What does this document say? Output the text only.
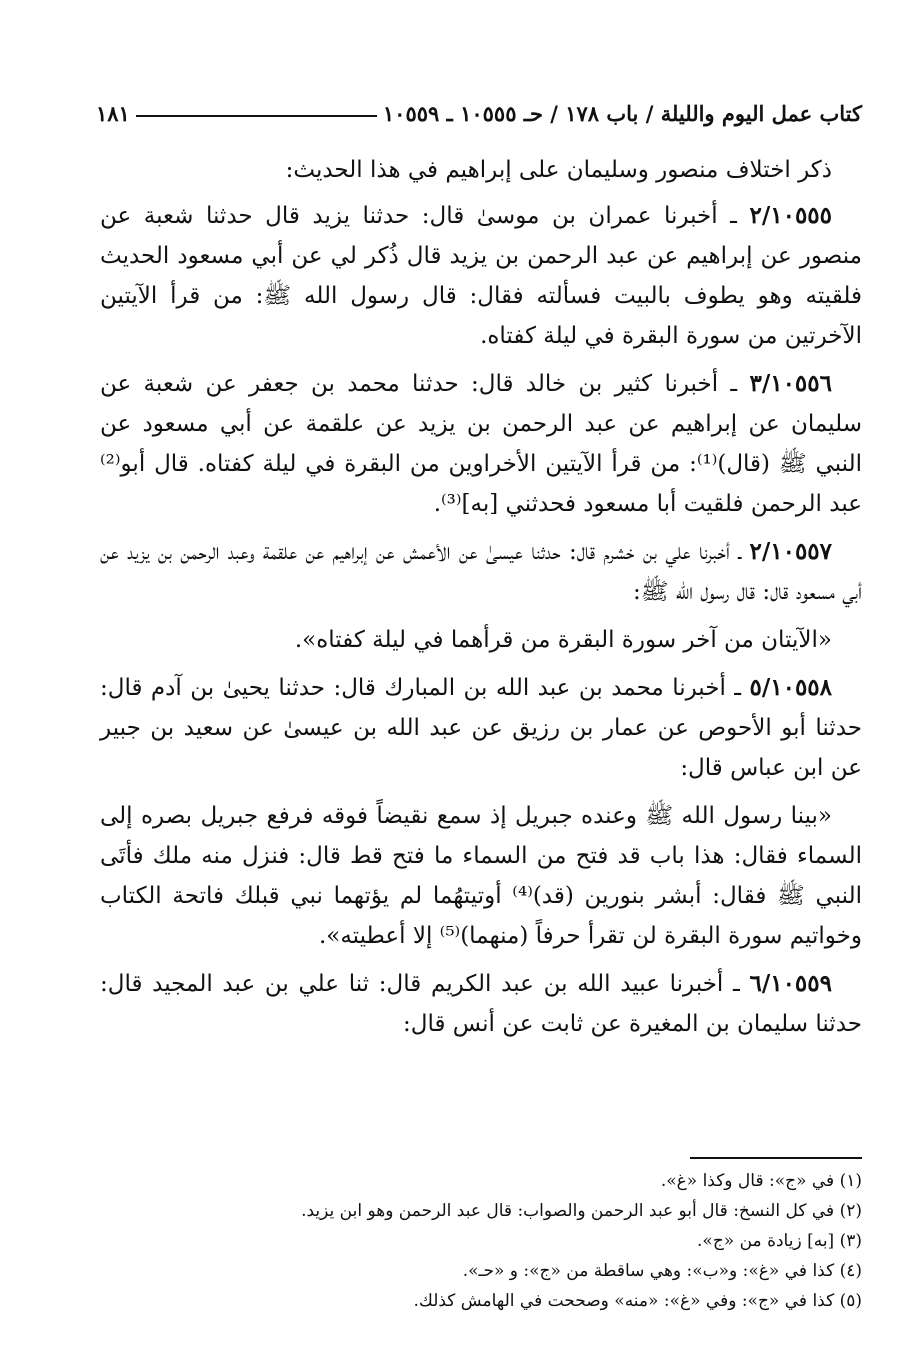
كتاب عمل اليوم والليلة / باب ١٧٨ / حـ ١٠٥٥٥ ـ ١٠٥٥٩
١٨١

ذكر اختلاف منصور وسليمان على إبراهيم في هذا الحديث:

٢/١٠٥٥٥ ـ أخبرنا عمران بن موسىٰ قال: حدثنا يزيد قال حدثنا شعبة عن منصور عن إبراهيم عن عبد الرحمن بن يزيد قال ذُكر لي عن أبي مسعود الحديث فلقيته وهو يطوف بالبيت فسألته فقال: قال رسول الله ﷺ: من قرأ الآيتين الآخرتين من سورة البقرة في ليلة كفتاه.

٣/١٠٥٥٦ ـ أخبرنا كثير بن خالد قال: حدثنا محمد بن جعفر عن شعبة عن سليمان عن إبراهيم عن عبد الرحمن بن يزيد عن علقمة عن أبي مسعود عن النبي ﷺ (قال)⁽¹⁾: من قرأ الآيتين الأخراوين من البقرة في ليلة كفتاه. قال أبو⁽²⁾ عبد الرحمن فلقيت أبا مسعود فحدثني [به]⁽³⁾.

٢/١٠٥٥٧ ـ أخبرنا علي بن خشرم قال: حدثنا عيسىٰ عن الأعمش عن إبراهيم عن علقمة وعبد الرحمن بن يزيد عن أبي مسعود قال: قال رسول الله ﷺ:

«الآيتان من آخر سورة البقرة من قرأهما في ليلة كفتاه».

٥/١٠٥٥٨ ـ أخبرنا محمد بن عبد الله بن المبارك قال: حدثنا يحيىٰ بن آدم قال: حدثنا أبو الأحوص عن عمار بن رزيق عن عبد الله بن عيسىٰ عن سعيد بن جبير عن ابن عباس قال:

«بينا رسول الله ﷺ وعنده جبريل إذ سمع نقيضاً فوقه فرفع جبريل بصره إلى السماء فقال: هذا باب قد فتح من السماء ما فتح قط قال: فنزل منه ملك فأتَى النبي ﷺ فقال: أبشر بنورين (قد)⁽⁴⁾ أوتيتهُما لم يؤتهما نبي قبلك فاتحة الكتاب وخواتيم سورة البقرة لن تقرأ حرفاً (منهما)⁽⁵⁾ إلا أعطيته».

٦/١٠٥٥٩ ـ أخبرنا عبيد الله بن عبد الكريم قال: ثنا علي بن عبد المجيد قال: حدثنا سليمان بن المغيرة عن ثابت عن أنس قال:

(١) في «ج»: قال وكذا «غ».

(٢) في كل النسخ: قال أبو عبد الرحمن والصواب: قال عبد الرحمن وهو ابن يزيد.

(٣) [به] زيادة من «ج».

(٤) كذا في «غ»: و«ب»: وهي ساقطة من «ج»: و «حـ».

(٥) كذا في «ج»: وفي «غ»: «منه» وصححت في الهامش كذلك.
